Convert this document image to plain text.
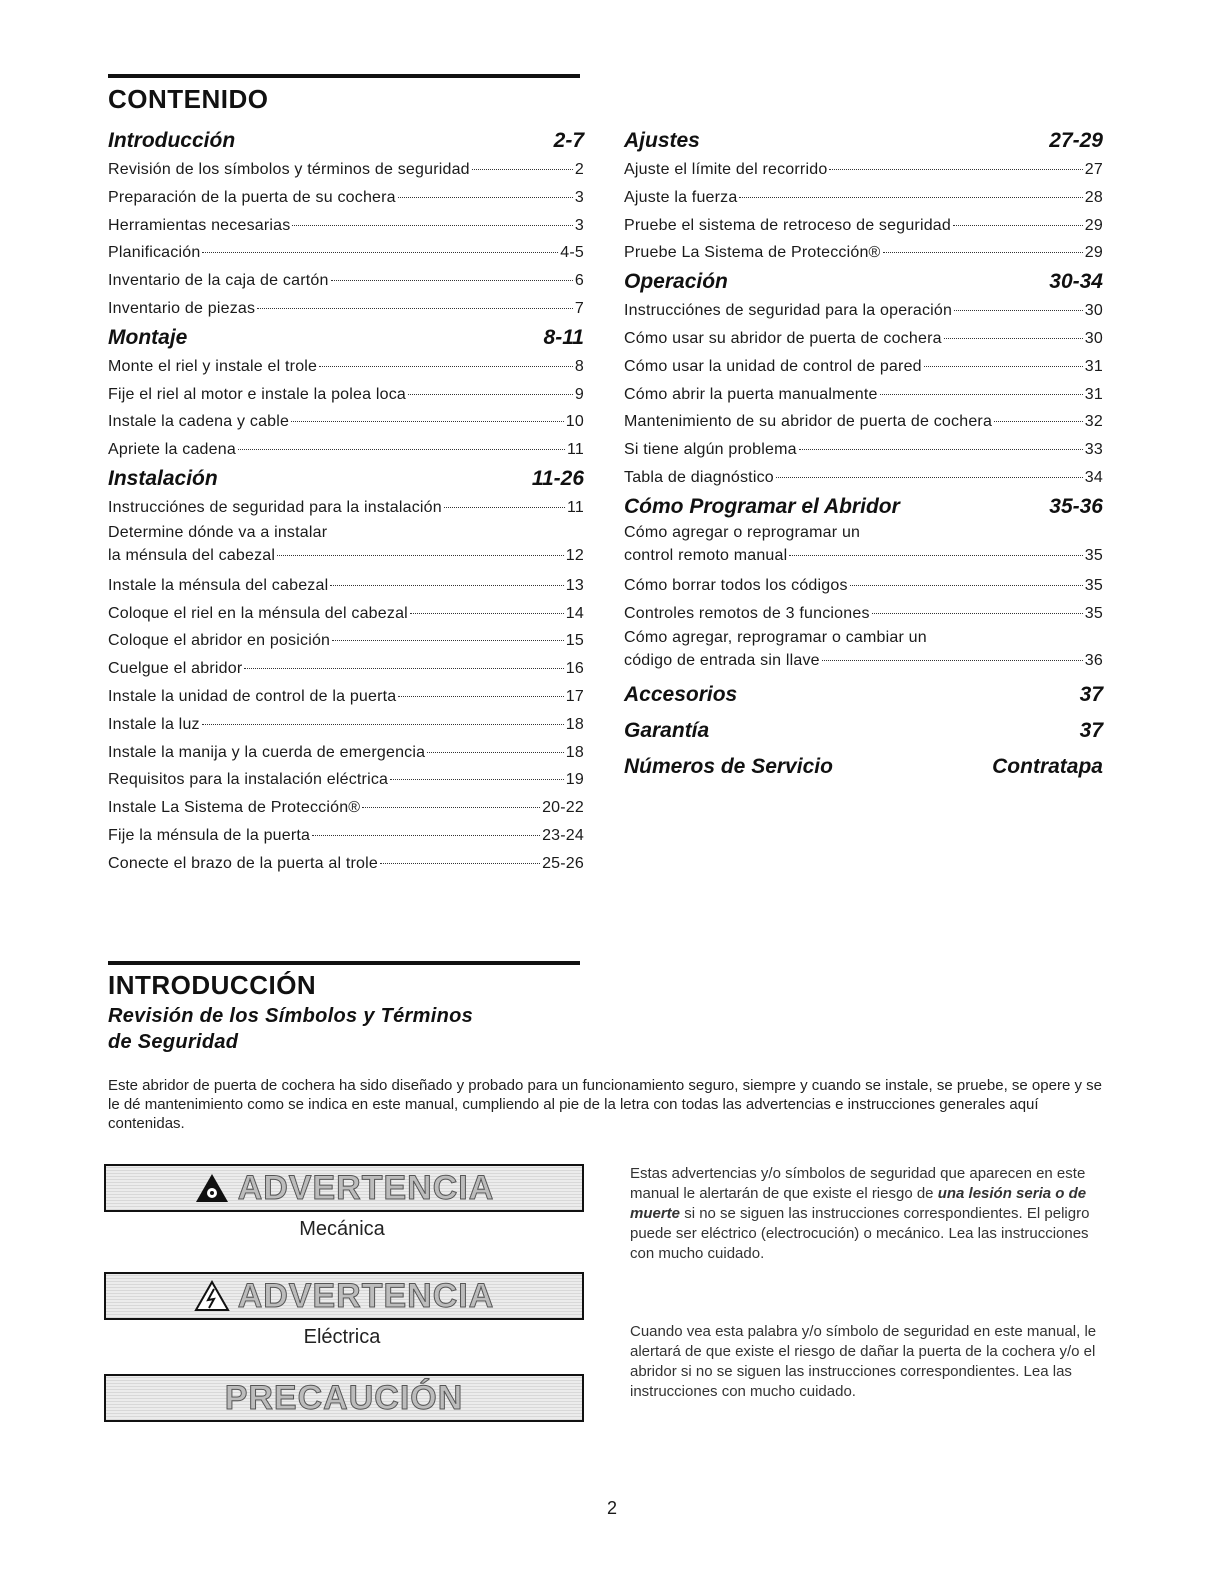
CONTENIDO
Introducción	2-7
Revisión de los símbolos y términos de seguridad	2
Preparación de la puerta de su cochera	3
Herramientas necesarias	3
Planificación	4-5
Inventario de la caja de cartón	6
Inventario de piezas	7
Montaje	8-11
Monte el riel y instale el trole	8
Fije el riel al motor e instale la polea loca	9
Instale la cadena y cable	10
Apriete la cadena	11
Instalación	11-26
Instrucciónes de seguridad para la instalación	11
Determine dónde va a instalar
la ménsula del cabezal	12
Instale la ménsula del cabezal	13
Coloque el riel en la ménsula del cabezal	14
Coloque el abridor en posición	15
Cuelgue el abridor	16
Instale la unidad de control de la puerta	17
Instale la luz	18
Instale la manija y la cuerda de emergencia	18
Requisitos para la instalación eléctrica	19
Instale La Sistema de Protección®	20-22
Fije la ménsula de la puerta	23-24
Conecte el brazo de la puerta al trole	25-26
Ajustes	27-29
Ajuste el límite del recorrido	27
Ajuste la fuerza	28
Pruebe el sistema de retroceso de seguridad	29
Pruebe La Sistema de Protección®	29
Operación	30-34
Instrucciónes de seguridad para la operación	30
Cómo usar su abridor de puerta de cochera	30
Cómo usar la unidad de control de pared	31
Cómo abrir la puerta manualmente	31
Mantenimiento de su abridor de puerta de cochera	32
Si tiene algún problema	33
Tabla de diagnóstico	34
Cómo Programar el Abridor	35-36
Cómo agregar o reprogramar un
control remoto manual	35
Cómo borrar todos los códigos	35
Controles remotos de 3 funciones	35
Cómo agregar, reprogramar o cambiar un
código de entrada sin llave	36
Accesorios	37
Garantía	37
Números de Servicio	Contratapa
INTRODUCCIÓN
Revisión de los Símbolos y Términos
de Seguridad
Este abridor de puerta de cochera ha sido diseñado y probado para un funcionamiento seguro, siempre y cuando se instale, se pruebe, se opere y se le dé mantenimiento como se indica en este manual, cumpliendo al pie de la letra con todas las advertencias e instrucciones generales aquí contenidas.
ADVERTENCIA
Mecánica
ADVERTENCIA
Eléctrica
PRECAUCIÓN
Estas advertencias y/o símbolos de seguridad que aparecen en este manual le alertarán de que existe el riesgo de una lesión seria o de muerte si no se siguen las instrucciones correspondientes. El peligro puede ser eléctrico (electrocución) o mecánico. Lea las instrucciones con mucho cuidado.
Cuando vea esta palabra y/o símbolo de seguridad en este manual, le alertará de que existe el riesgo de dañar la puerta de la cochera y/o el abridor si no se siguen las instrucciones correspondientes. Lea las instrucciones con mucho cuidado.
2
